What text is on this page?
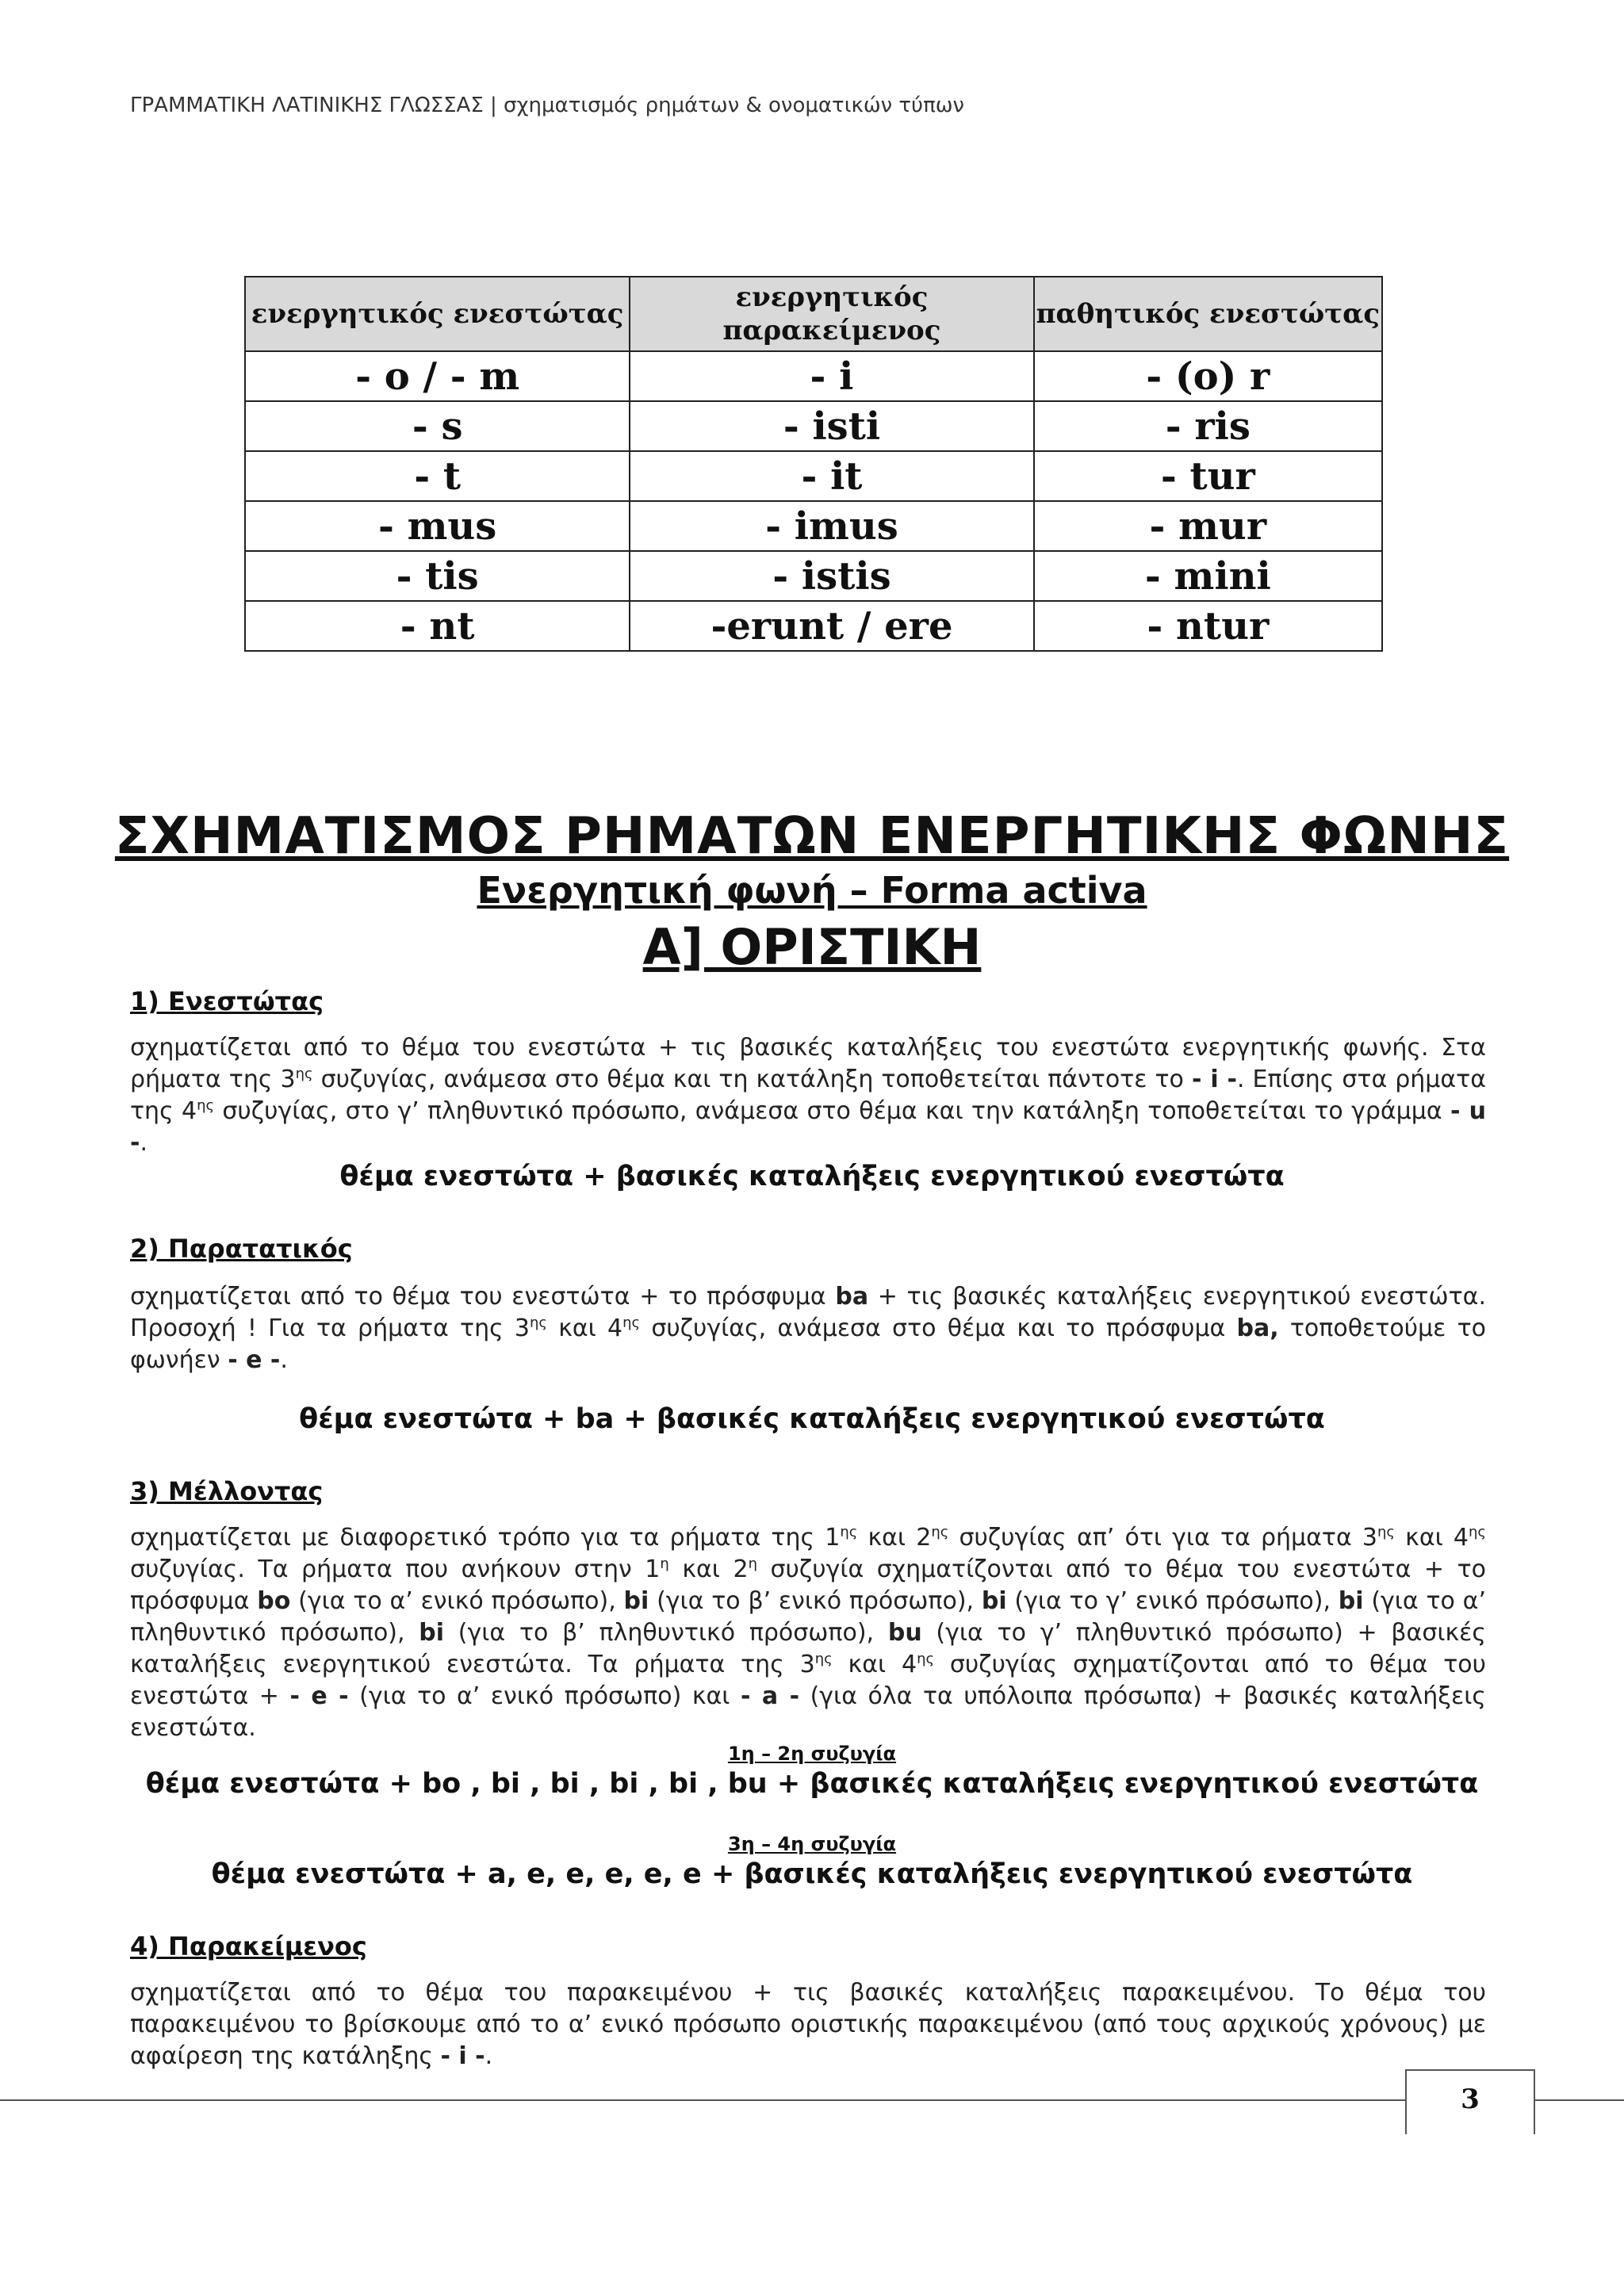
ΓΡΑΜΜΑΤΙΚΗ ΛΑΤΙΝΙΚΗΣ ΓΛΩΣΣΑΣ | σχηματισμός ρημάτων & ονοματικών τύπων
ενεργητικός ενεστώτας	ενεργητικός παρακείμενος	παθητικός ενεστώτας
- o / - m	- i	- (o) r
- s	- isti	- ris
- t	- it	- tur
- mus	- imus	- mur
- tis	- istis	- mini
- nt	-erunt / ere	- ntur
ΣΧΗΜΑΤΙΣΜΟΣ ΡΗΜΑΤΩΝ ΕΝΕΡΓΗΤΙΚΗΣ ΦΩΝΗΣ
Ενεργητική φωνή – Forma activa
Α] ΟΡΙΣΤΙΚΗ
1) Ενεστώτας
σχηματίζεται από το θέμα του ενεστώτα + τις βασικές καταλήξεις του ενεστώτα ενεργητικής φωνής. Στα ρήματα της $3^{\eta\varsigma}$ συζυγίας, ανάμεσα στο θέμα και τη κατάληξη τοποθετείται πάντοτε το - i -. Επίσης στα ρήματα της $4^{\eta\varsigma}$ συζυγίας, στο γ’ πληθυντικό πρόσωπο, ανάμεσα στο θέμα και την κατάληξη τοποθετείται το γράμμα - u -.
θέμα ενεστώτα + βασικές καταλήξεις ενεργητικού ενεστώτα
2) Παρατατικός
σχηματίζεται από το θέμα του ενεστώτα + το πρόσφυμα ba + τις βασικές καταλήξεις ενεργητικού ενεστώτα. Προσοχή ! Για τα ρήματα της $3^{\eta\varsigma}$ και $4^{\eta\varsigma}$ συζυγίας, ανάμεσα στο θέμα και το πρόσφυμα ba, τοποθετούμε το φωνήεν - e -.
θέμα ενεστώτα + ba + βασικές καταλήξεις ενεργητικού ενεστώτα
3) Μέλλοντας
σχηματίζεται με διαφορετικό τρόπο για τα ρήματα της $1^{\eta\varsigma}$ και $2^{\eta\varsigma}$ συζυγίας απ’ ότι για τα ρήματα $3^{\eta\varsigma}$ και $4^{\eta\varsigma}$ συζυγίας. Τα ρήματα που ανήκουν στην $1^\eta$ και $2^\eta$ συζυγία σχηματίζονται από το θέμα του ενεστώτα + το πρόσφυμα bo (για το α’ ενικό πρόσωπο), bi (για το β’ ενικό πρόσωπο), bi (για το γ’ ενικό πρόσωπο), bi (για το α’ πληθυντικό πρόσωπο), bi (για το β’ πληθυντικό πρόσωπο), bu (για το γ’ πληθυντικό πρόσωπο) + βασικές καταλήξεις ενεργητικού ενεστώτα. Τα ρήματα της $3^{\eta\varsigma}$ και $4^{\eta\varsigma}$ συζυγίας σχηματίζονται από το θέμα του ενεστώτα + - e - (για το α’ ενικό πρόσωπο) και - a - (για όλα τα υπόλοιπα πρόσωπα) + βασικές καταλήξεις ενεστώτα.
1η – 2η συζυγία
θέμα ενεστώτα + bo , bi , bi , bi , bi , bu + βασικές καταλήξεις ενεργητικού ενεστώτα
3η – 4η συζυγία
θέμα ενεστώτα + a, e, e, e, e, e + βασικές καταλήξεις ενεργητικού ενεστώτα
4) Παρακείμενος
σχηματίζεται από το θέμα του παρακειμένου + τις βασικές καταλήξεις παρακειμένου. Το θέμα του παρακειμένου το βρίσκουμε από το α’ ενικό πρόσωπο οριστικής παρακειμένου (από τους αρχικούς χρόνους) με αφαίρεση της κατάληξης - i -.
3
